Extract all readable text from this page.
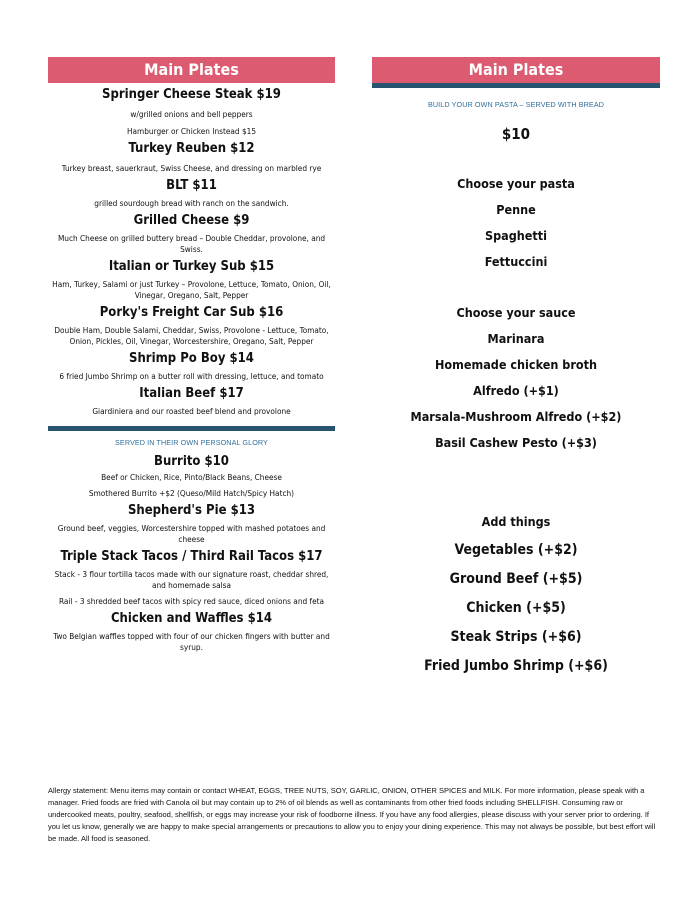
Main Plates
Springer Cheese Steak $19
w/grilled onions and bell peppers
Hamburger or Chicken Instead $15
Turkey Reuben $12
Turkey breast, sauerkraut, Swiss Cheese, and dressing on marbled rye
BLT $11
grilled sourdough bread with ranch on the sandwich.
Grilled Cheese $9
Much Cheese on grilled buttery bread – Double Cheddar, provolone, and Swiss.
Italian or Turkey Sub $15
Ham, Turkey, Salami or just Turkey – Provolone, Lettuce, Tomato, Onion, Oil, Vinegar, Oregano, Salt, Pepper
Porky's Freight Car Sub $16
Double Ham, Double Salami, Cheddar, Swiss, Provolone - Lettuce, Tomato, Onion, Pickles, Oil, Vinegar, Worcestershire, Oregano, Salt, Pepper
Shrimp Po Boy $14
6 fried Jumbo Shrimp on a butter roll with dressing, lettuce, and tomato
Italian Beef $17
Giardiniera and our roasted beef blend and provolone
SERVED IN THEIR OWN PERSONAL GLORY
Burrito $10
Beef or Chicken, Rice, Pinto/Black Beans, Cheese
Smothered Burrito +$2 (Queso/Mild Hatch/Spicy Hatch)
Shepherd's Pie $13
Ground beef, veggies, Worcestershire topped with mashed potatoes and cheese
Triple Stack Tacos / Third Rail Tacos $17
Stack - 3 flour tortilla tacos made with our signature roast, cheddar shred, and homemade salsa
Rail - 3 shredded beef tacos with spicy red sauce, diced onions and feta
Chicken and Waffles $14
Two Belgian waffles topped with four of our chicken fingers with butter and syrup.
Main Plates
BUILD YOUR OWN PASTA – SERVED WITH BREAD
$10
Choose your pasta
Penne
Spaghetti
Fettuccini
Choose your sauce
Marinara
Homemade chicken broth
Alfredo (+$1)
Marsala-Mushroom Alfredo (+$2)
Basil Cashew Pesto (+$3)
Add things
Vegetables (+$2)
Ground Beef (+$5)
Chicken (+$5)
Steak Strips (+$6)
Fried Jumbo Shrimp (+$6)
Allergy statement: Menu items may contain or contact WHEAT, EGGS, TREE NUTS, SOY, GARLIC, ONION, OTHER SPICES and MILK. For more information, please speak with a manager. Fried foods are fried with Canola oil but may contain up to 2% of oil blends as well as contaminants from other fried foods including SHELLFISH. Consuming raw or undercooked meats, poultry, seafood, shellfish, or eggs may increase your risk of foodborne illness. If you have any food allergies, please discuss with your server prior to ordering. If you let us know, generally we are happy to make special arrangements or precautions to allow you to enjoy your dining experience. This may not always be possible, but best effort will be made. All food is seasoned.
